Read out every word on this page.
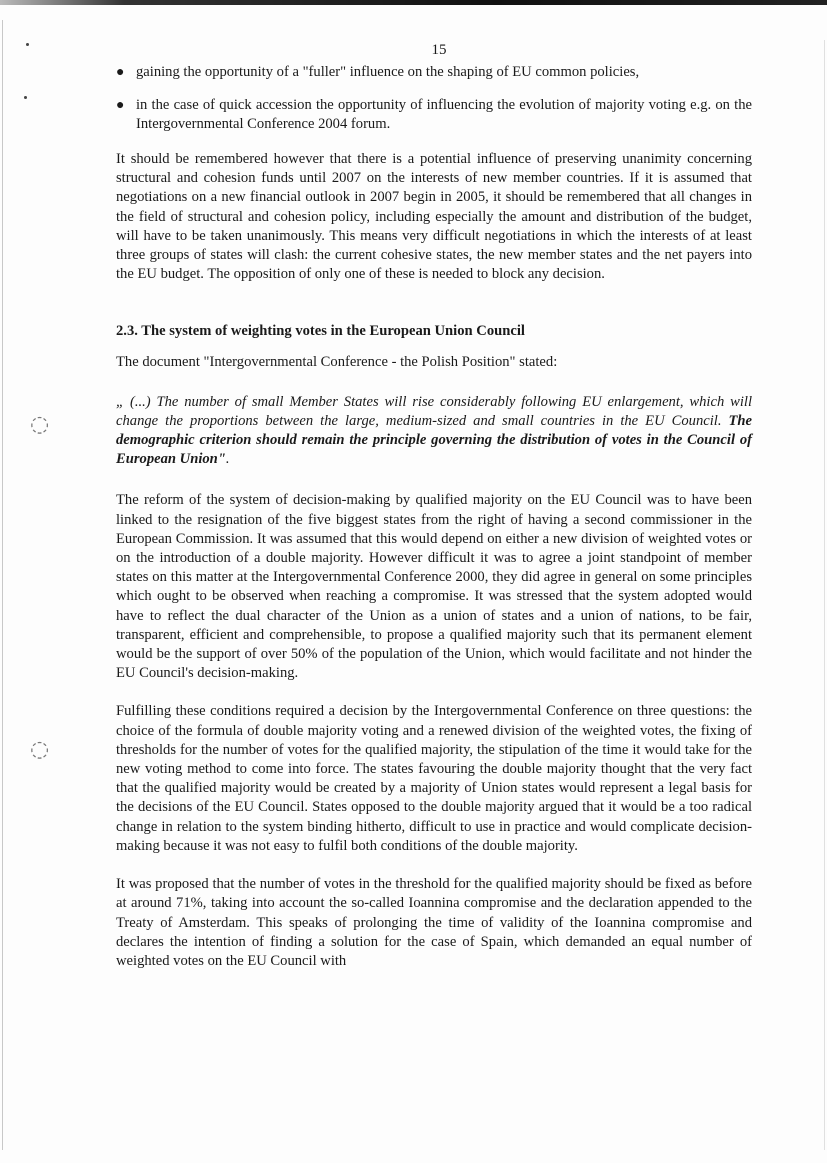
◌
◌
15
● gaining the opportunity of a "fuller" influence on the shaping of EU common policies,
● in the case of quick accession the opportunity of influencing the evolution of majority voting e.g. on the Intergovernmental Conference 2004 forum.

It should be remembered however that there is a potential influence of preserving unanimity concerning structural and cohesion funds until 2007 on the interests of new member countries. If it is assumed that negotiations on a new financial outlook in 2007 begin in 2005, it should be remembered that all changes in the field of structural and cohesion policy, including especially the amount and distribution of the budget, will have to be taken unanimously. This means very difficult negotiations in which the interests of at least three groups of states will clash: the current cohesive states, the new member states and the net payers into the EU budget. The opposition of only one of these is needed to block any decision.

2.3. The system of weighting votes in the European Union Council

The document "Intergovernmental Conference - the Polish Position" stated:

„ (...) The number of small Member States will rise considerably following EU enlargement, which will change the proportions between the large, medium-sized and small countries in the EU Council. The demographic criterion should remain the principle governing the distribution of votes in the Council of European Union".

The reform of the system of decision-making by qualified majority on the EU Council was to have been linked to the resignation of the five biggest states from the right of having a second commissioner in the European Commission. It was assumed that this would depend on either a new division of weighted votes or on the introduction of a double majority. However difficult it was to agree a joint standpoint of member states on this matter at the Intergovernmental Conference 2000, they did agree in general on some principles which ought to be observed when reaching a compromise. It was stressed that the system adopted would have to reflect the dual character of the Union as a union of states and a union of nations, to be fair, transparent, efficient and comprehensible, to propose a qualified majority such that its permanent element would be the support of over 50% of the population of the Union, which would facilitate and not hinder the EU Council's decision-making.

Fulfilling these conditions required a decision by the Intergovernmental Conference on three questions: the choice of the formula of double majority voting and a renewed division of the weighted votes, the fixing of thresholds for the number of votes for the qualified majority, the stipulation of the time it would take for the new voting method to come into force. The states favouring the double majority thought that the very fact that the qualified majority would be created by a majority of Union states would represent a legal basis for the decisions of the EU Council. States opposed to the double majority argued that it would be a too radical change in relation to the system binding hitherto, difficult to use in practice and would complicate decision-making because it was not easy to fulfil both conditions of the double majority.

It was proposed that the number of votes in the threshold for the qualified majority should be fixed as before at around 71%, taking into account the so-called Ioannina compromise and the declaration appended to the Treaty of Amsterdam. This speaks of prolonging the time of validity of the Ioannina compromise and declares the intention of finding a solution for the case of Spain, which demanded an equal number of weighted votes on the EU Council with
